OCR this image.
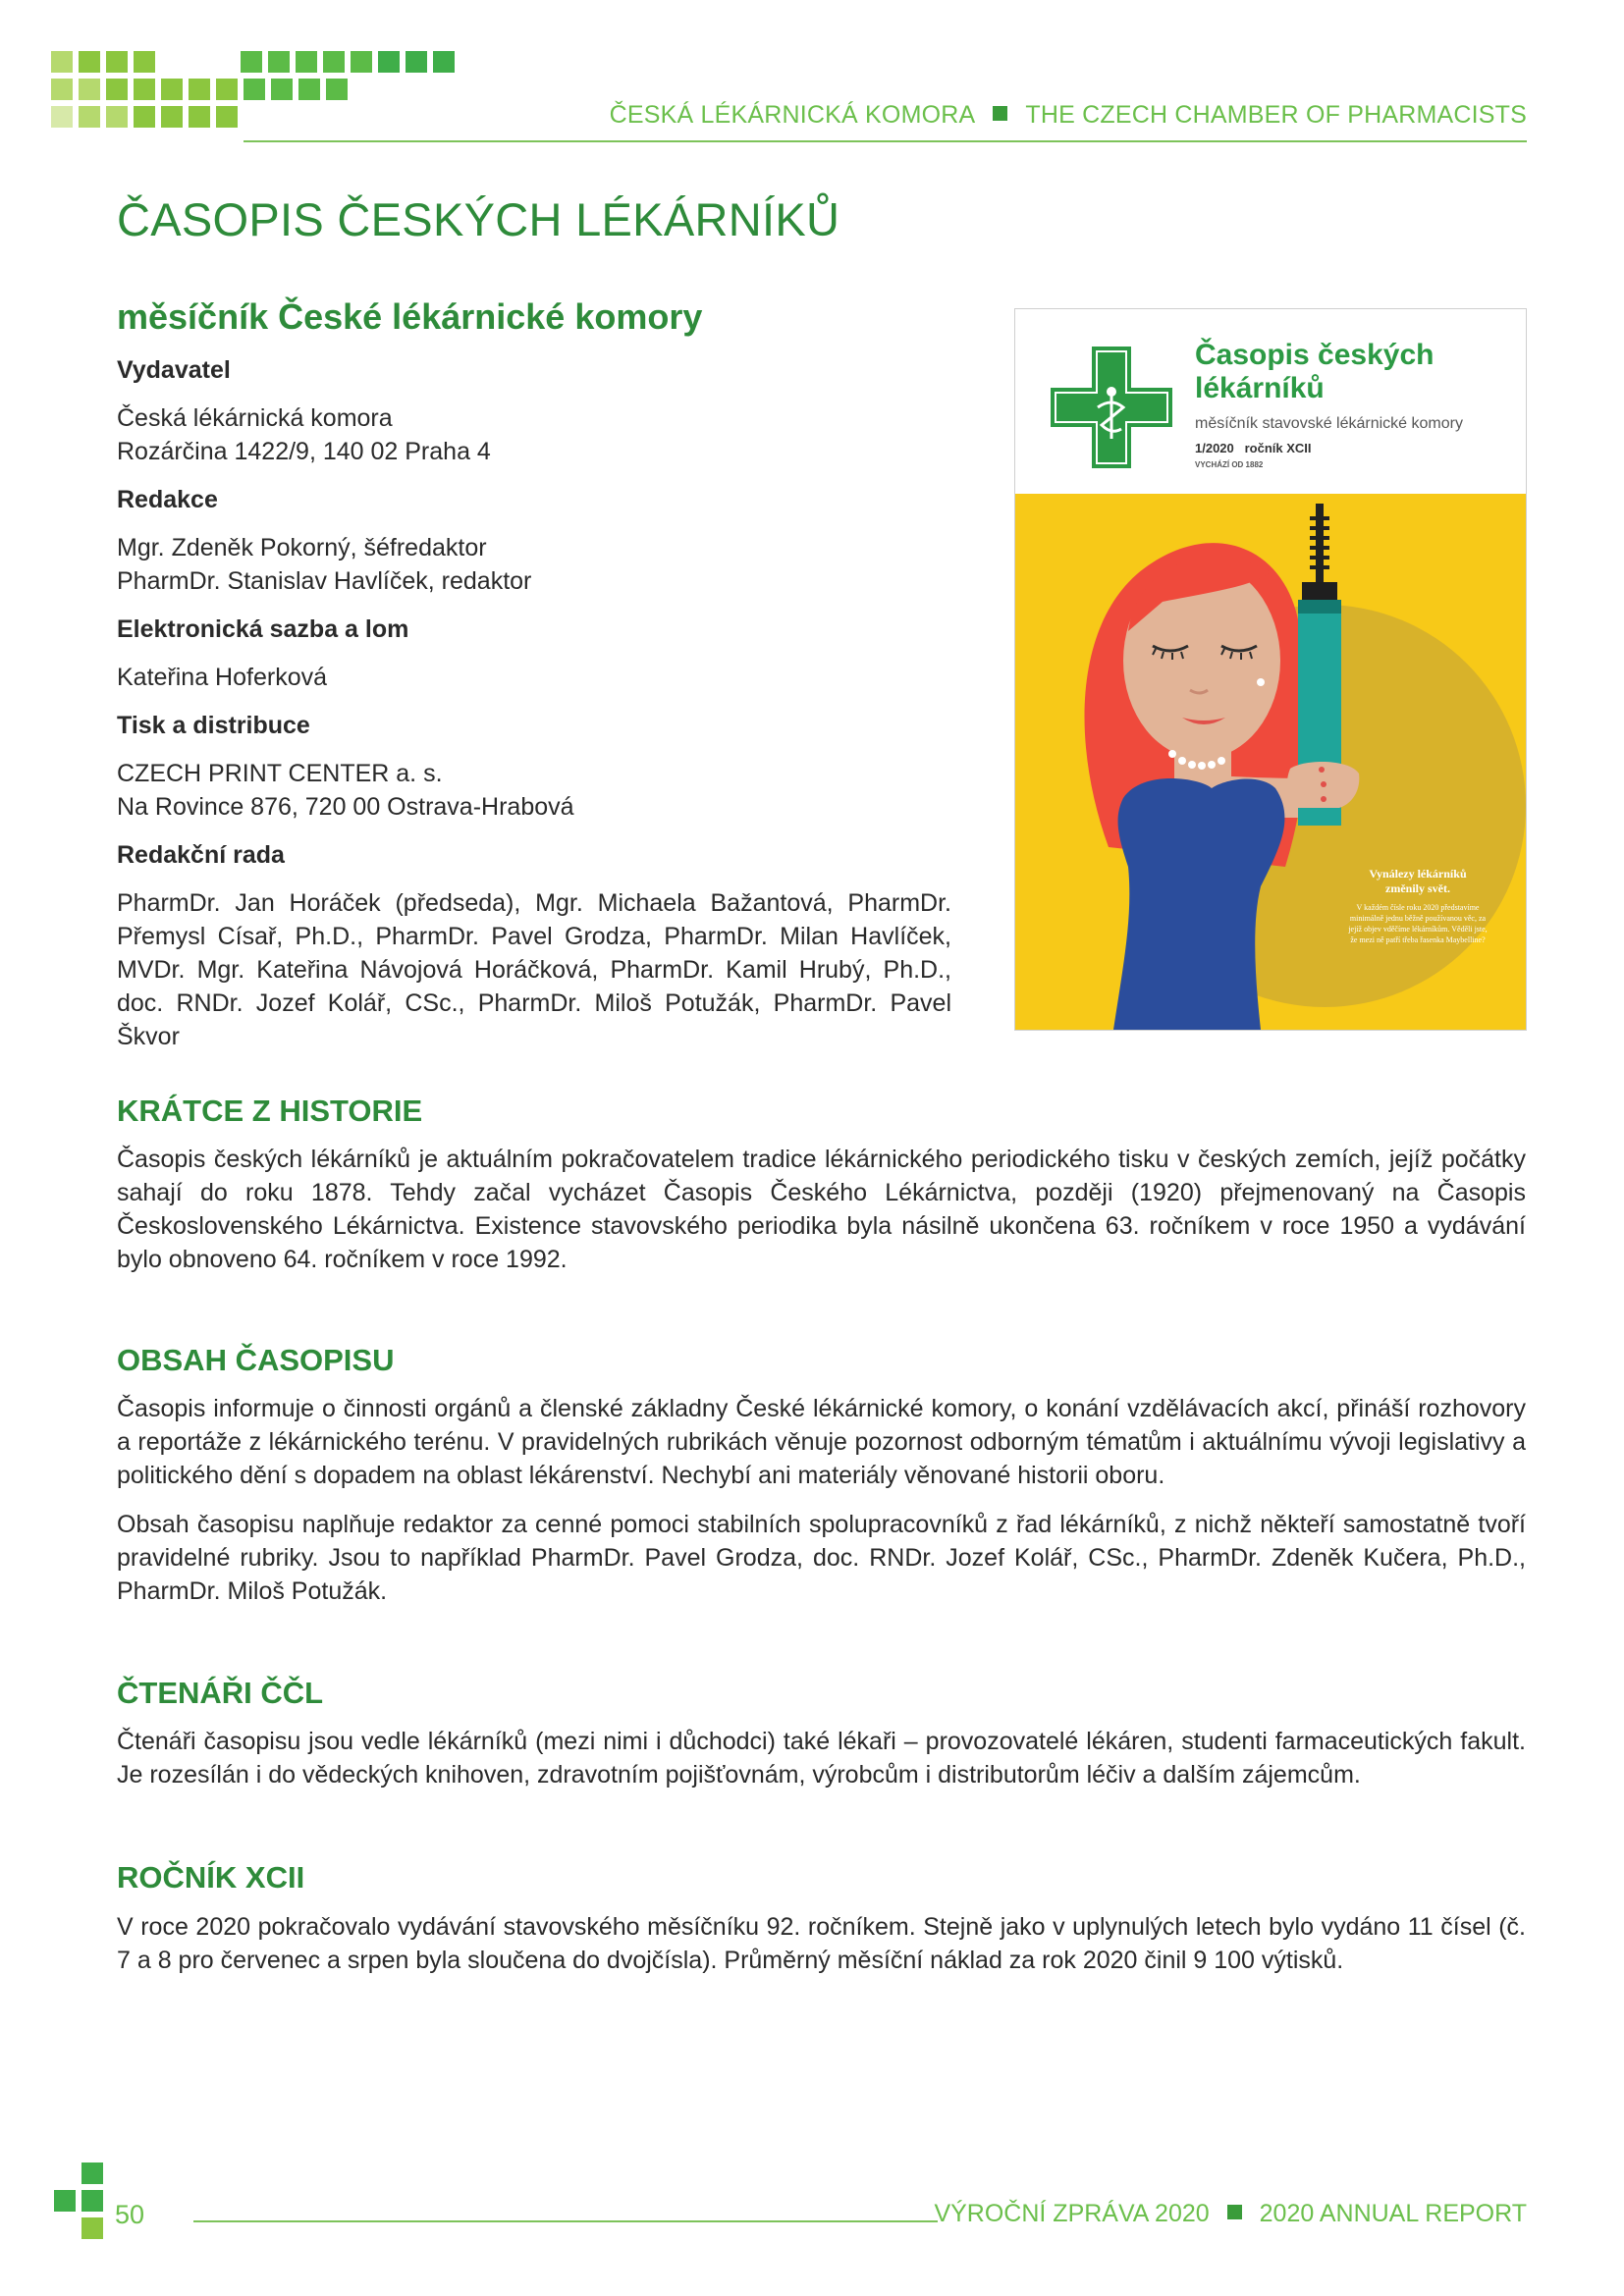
ČESKÁ LÉKÁRNICKÁ KOMORA THE CZECH CHAMBER OF PHARMACISTS
ČASOPIS ČESKÝCH LÉKÁRNÍKŮ
měsíčník České lékárnické komory
Vydavatel
Česká lékárnická komora
Rozárčina 1422/9, 140 02 Praha 4
Redakce
Mgr. Zdeněk Pokorný, šéfredaktor
PharmDr. Stanislav Havlíček, redaktor
Elektronická sazba a lom
Kateřina Hoferková
Tisk a distribuce
CZECH PRINT CENTER a. s.
Na Rovince 876, 720 00 Ostrava-Hrabová
Redakční rada
PharmDr. Jan Horáček (předseda), Mgr. Michaela Bažantová, PharmDr. Přemysl Císař, Ph.D., PharmDr. Pavel Grodza, PharmDr. Milan Havlíček, MVDr. Mgr. Kateřina Návojová Horáčková, PharmDr. Kamil Hrubý, Ph.D., doc. RNDr. Jozef Kolář, CSc., PharmDr. Miloš Potužák, PharmDr. Pavel Škvor
Časopis českých lékárníků
měsíčník stavovské lékárnické komory
1/2020 ročník XCII
VYCHÁZÍ OD 1882
Vynálezy lékárníků změnily svět.
V každém čísle roku 2020 představíme minimálně jednu běžně používanou věc, za jejíž objev vděčíme lékárníkům. Věděli jste, že mezi ně patří třeba řasenka Maybelline?
KRÁTCE Z HISTORIE
Časopis českých lékárníků je aktuálním pokračovatelem tradice lékárnického periodického tisku v českých zemích, jejíž počátky sahají do roku 1878. Tehdy začal vycházet Časopis Českého Lékárnictva, později (1920) přejmenovaný na Časopis Československého Lékárnictva. Existence stavovského periodika byla násilně ukončena 63. ročníkem v roce 1950 a vydávání bylo obnoveno 64. ročníkem v roce 1992.
OBSAH ČASOPISU
Časopis informuje o činnosti orgánů a členské základny České lékárnické komory, o konání vzdělávacích akcí, přináší rozhovory a reportáže z lékárnického terénu. V pravidelných rubrikách věnuje pozornost odborným tématům i aktuálnímu vývoji legislativy a politického dění s dopadem na oblast lékárenství. Nechybí ani materiály věnované historii oboru.
Obsah časopisu naplňuje redaktor za cenné pomoci stabilních spolupracovníků z řad lékárníků, z nichž někteří samostatně tvoří pravidelné rubriky. Jsou to například PharmDr. Pavel Grodza, doc. RNDr. Jozef Kolář, CSc., PharmDr. Zdeněk Kučera, Ph.D., PharmDr. Miloš Potužák.
ČTENÁŘI ČČL
Čtenáři časopisu jsou vedle lékárníků (mezi nimi i důchodci) také lékaři – provozovatelé lékáren, studenti farmaceutických fakult. Je rozesílán i do vědeckých knihoven, zdravotním pojišťovnám, výrobcům i distributorům léčiv a dalším zájemcům.
ROČNÍK XCII
V roce 2020 pokračovalo vydávání stavovského měsíčníku 92. ročníkem. Stejně jako v uplynulých letech bylo vydáno 11 čísel (č. 7 a 8 pro červenec a srpen byla sloučena do dvojčísla). Průměrný měsíční náklad za rok 2020 činil 9 100 výtisků.
50	VÝROČNÍ ZPRÁVA 2020 2020 ANNUAL REPORT
